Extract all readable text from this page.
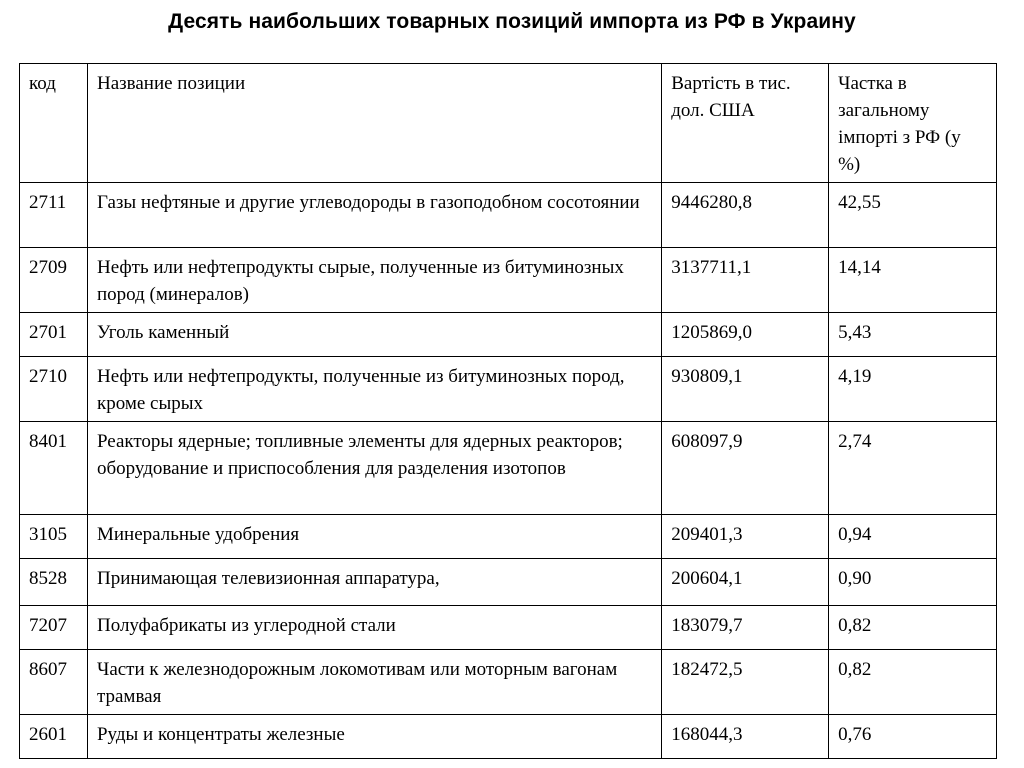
Десять наибольших товарных позиций импорта из РФ в Украину
код	Название позиции	Вартість в тис. дол. США	Частка в загальному імпорті з РФ (у %)
2711	Газы нефтяные и другие углеводороды в газоподобном сосотоянии	9446280,8	42,55
2709	Нефть или нефтепродукты сырые, полученные из битуминозных пород (минералов)	3137711,1	14,14
2701	Уголь каменный	1205869,0	5,43
2710	Нефть или нефтепродукты, полученные из битуминозных пород, кроме сырых	930809,1	4,19
8401	Реакторы ядерные; топливные элементы для ядерных реакторов; оборудование и приспособления для разделения изотопов	608097,9	2,74
3105	Минеральные удобрения	209401,3	0,94
8528	Принимающая телевизионная аппаратура,	200604,1	0,90
7207	Полуфабрикаты из углеродной стали	183079,7	0,82
8607	Части к железнодорожным локомотивам или моторным вагонам трамвая	182472,5	0,82
2601	Руды и концентраты железные	168044,3	0,76
